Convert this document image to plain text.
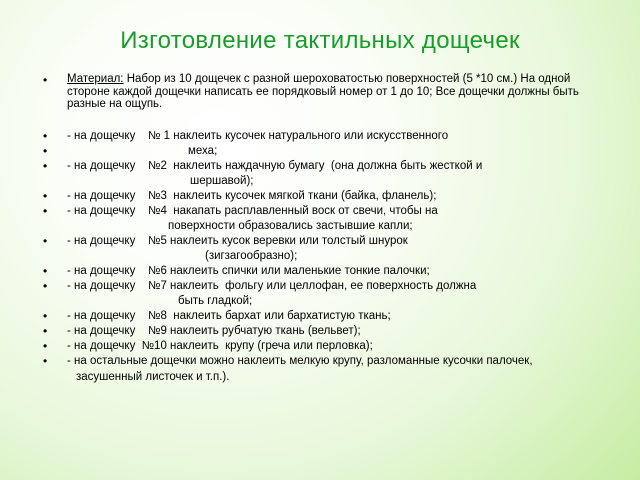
Изготовление тактильных дощечек
• Материал: Набор из 10 дощечек с разной шероховатостью поверхностей (5 *10 см.) На одной стороне каждой дощечки написать ее порядковый номер от 1 до 10; Все дощечки должны быть разные на ощупь.
• - на дощечку    № 1 наклеить кусочек натурального или искусственного
•	меха;
• - на дощечку    №2  наклеить наждачную бумагу  (она должна быть жесткой и
шершавой);
• - на дощечку    №3  наклеить кусочек мягкой ткани (байка, фланель);
• - на дощечку    №4  накапать расплавленный воск от свечи, чтобы на
поверхности образовались застывшие капли;
• - на дощечку    №5 наклеить кусок веревки или толстый шнурок
(зигзагообразно);
• - на дощечку    №6 наклеить спички или маленькие тонкие палочки;
• - на дощечку    №7 наклеить  фольгу или целлофан, ее поверхность должна
быть гладкой;
• - на дощечку    №8  наклеить бархат или бархатистую ткань;
• - на дощечку    №9 наклеить рубчатую ткань (вельвет);
• - на дощечку  №10 наклеить  крупу (греча или перловка);
• - на остальные дощечки можно наклеить мелкую крупу, разломанные кусочки палочек,
засушенный листочек и т.п.).
